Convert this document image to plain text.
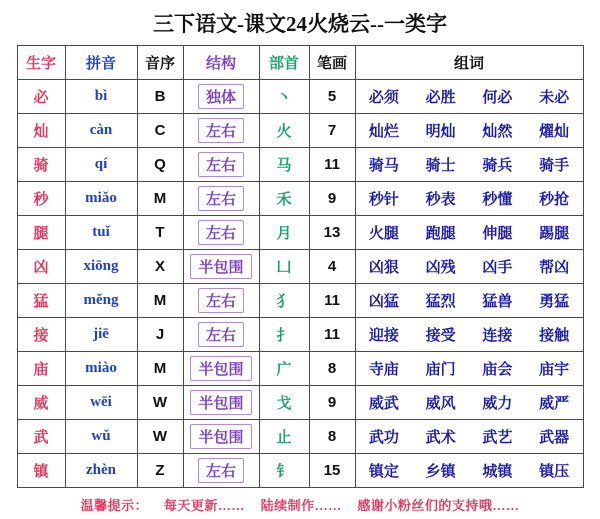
三下语文-课文24火烧云--一类字
生字	拼音	音序	结构	部首	笔画	组词
必	bì	B	独体	丶	5	必须 必胜 何必 未必

灿	càn	C	左右	火	7	灿烂 明灿 灿然 燿灿

骑	qí	Q	左右	马	11	骑马 骑士 骑兵 骑手

秒	miǎo	M	左右	禾	9	秒针 秒表 秒懂 秒抢

腿	tuǐ	T	左右	月	13	火腿 跑腿 伸腿 踢腿

凶	xiōng	X	半包围	凵	4	凶狠 凶残 凶手 帮凶

猛	měng	M	左右	犭	11	凶猛 猛烈 猛兽 勇猛

接	jiē	J	左右	扌	11	迎接 接受 连接 接触

庙	miào	M	半包围	广	8	寺庙 庙门 庙会 庙宇

威	wēi	W	半包围	戈	9	威武 威风 威力 威严

武	wǔ	W	半包围	止	8	武功 武术 武艺 武器

镇	zhèn	Z	左右	钅	15	镇定 乡镇 城镇 镇压
温馨提示： 每天更新…… 陆续制作…… 感谢小粉丝们的支持哦……
